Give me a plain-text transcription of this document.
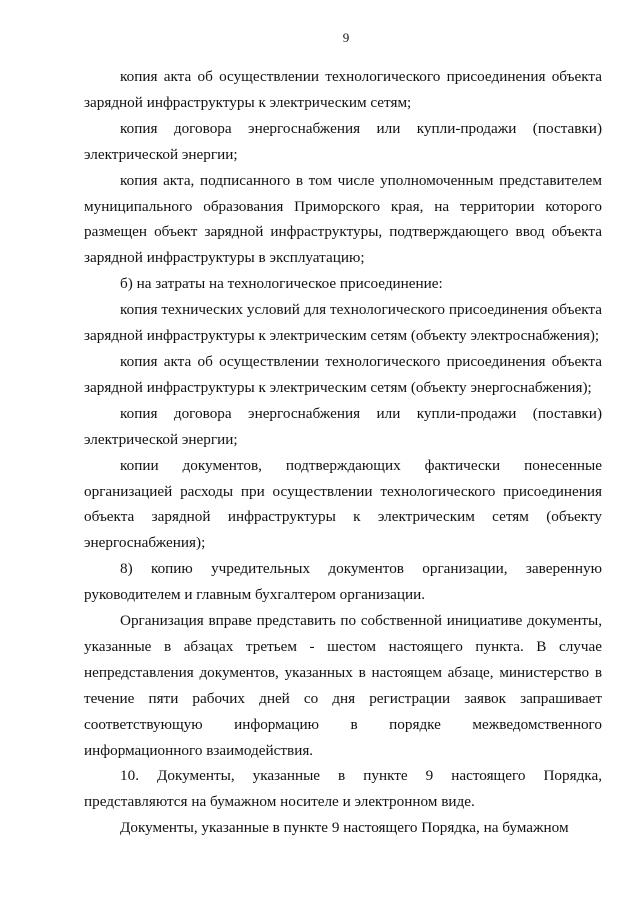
9

копия акта об осуществлении технологического присоединения объекта зарядной инфраструктуры к электрическим сетям;

копия договора энергоснабжения или купли-продажи (поставки) электрической энергии;

копия акта, подписанного в том числе уполномоченным представителем муниципального образования Приморского края, на территории которого размещен объект зарядной инфраструктуры, подтверждающего ввод объекта зарядной инфраструктуры в эксплуатацию;

б) на затраты на технологическое присоединение:

копия технических условий для технологического присоединения объекта зарядной инфраструктуры к электрическим сетям (объекту электроснабжения);

копия акта об осуществлении технологического присоединения объекта зарядной инфраструктуры к электрическим сетям (объекту энергоснабжения);

копия договора энергоснабжения или купли-продажи (поставки) электрической энергии;

копии документов, подтверждающих фактически понесенные организацией расходы при осуществлении технологического присоединения объекта зарядной инфраструктуры к электрическим сетям (объекту энергоснабжения);

8) копию учредительных документов организации, заверенную руководителем и главным бухгалтером организации.

Организация вправе представить по собственной инициативе документы, указанные в абзацах третьем - шестом настоящего пункта. В случае непредставления документов, указанных в настоящем абзаце, министерство в течение пяти рабочих дней со дня регистрации заявок запрашивает соответствующую информацию в порядке межведомственного информационного взаимодействия.

10. Документы, указанные в пункте 9 настоящего Порядка, представляются на бумажном носителе и электронном виде.

Документы, указанные в пункте 9 настоящего Порядка, на бумажном
